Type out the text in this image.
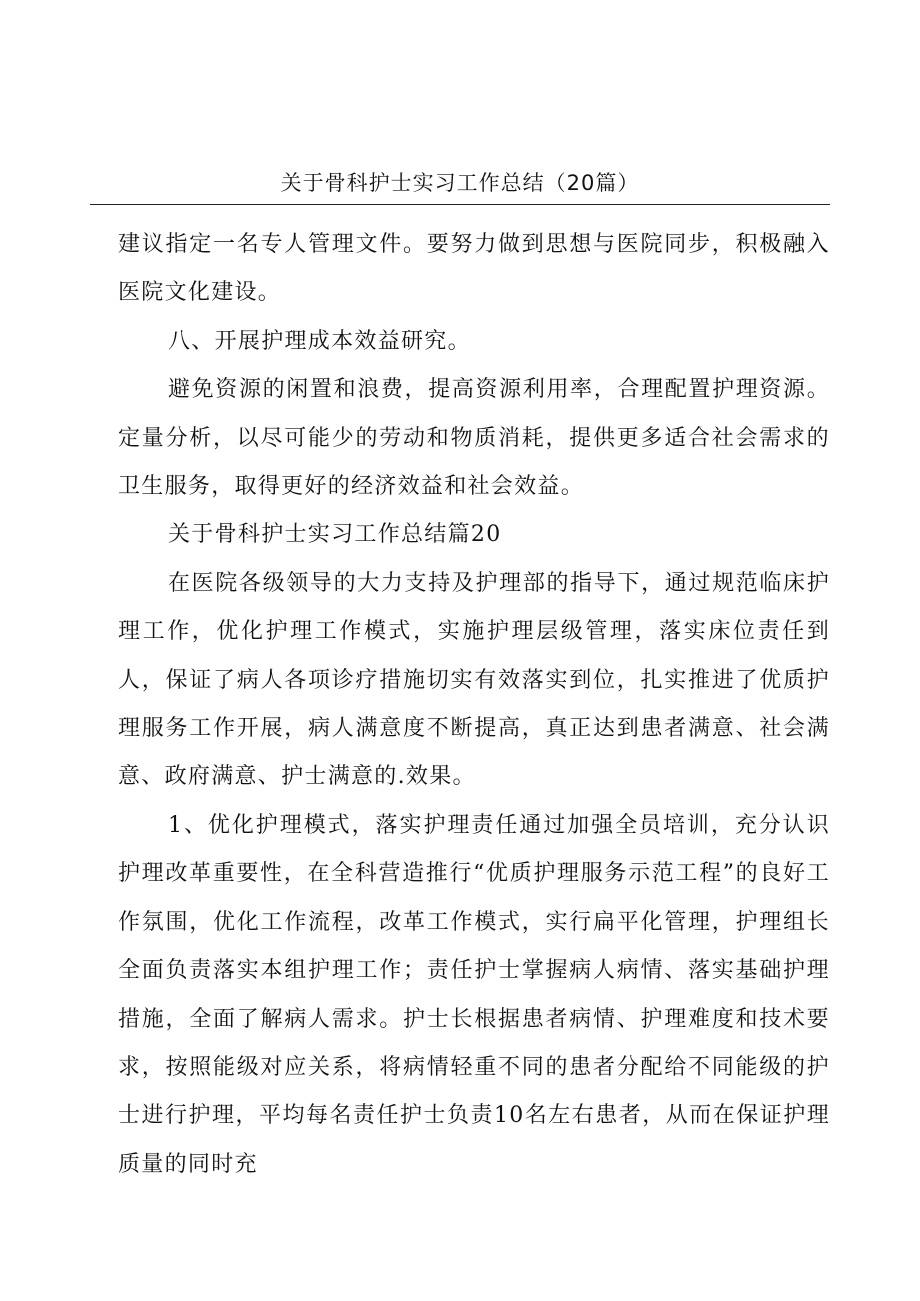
关于骨科护士实习工作总结（20篇）

建议指定一名专人管理文件。要努力做到思想与医院同步，积极融入医院文化建设。

八、开展护理成本效益研究。

避免资源的闲置和浪费，提高资源利用率，合理配置护理资源。定量分析，以尽可能少的劳动和物质消耗，提供更多适合社会需求的卫生服务，取得更好的经济效益和社会效益。

关于骨科护士实习工作总结篇20

在医院各级领导的大力支持及护理部的指导下，通过规范临床护理工作，优化护理工作模式，实施护理层级管理，落实床位责任到人，保证了病人各项诊疗措施切实有效落实到位，扎实推进了优质护理服务工作开展，病人满意度不断提高，真正达到患者满意、社会满意、政府满意、护士满意的.效果。

1、优化护理模式，落实护理责任通过加强全员培训，充分认识护理改革重要性，在全科营造推行“优质护理服务示范工程”的良好工作氛围，优化工作流程，改革工作模式，实行扁平化管理，护理组长全面负责落实本组护理工作；责任护士掌握病人病情、落实基础护理措施，全面了解病人需求。护士长根据患者病情、护理难度和技术要求，按照能级对应关系，将病情轻重不同的患者分配给不同能级的护士进行护理，平均每名责任护士负责10名左右患者，从而在保证护理质量的同时充
